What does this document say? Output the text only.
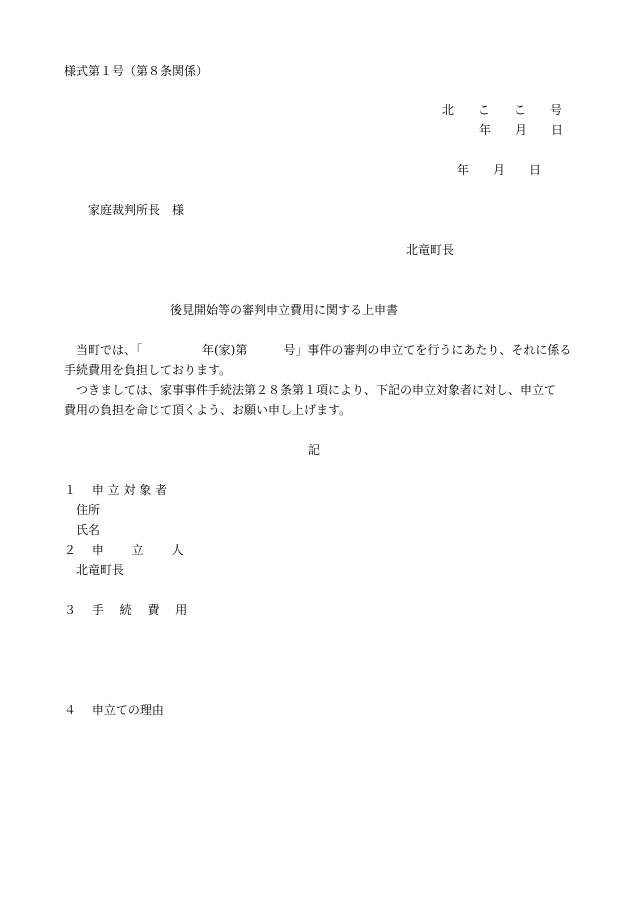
様式第１号（第８条関係）
北　　こ　　こ　　号
年　　月　　日
年　　月　　日
家庭裁判所長　様
北竜町長
後見開始等の審判申立費用に関する上申書
当町では、「　　　　　年(家)第　　　号」事件の審判の申立てを行うにあたり、それに係る
手続費用を負担しております。
つきましては、家事事件手続法第２８条第１項により、下記の申立対象者に対し、申立て
費用の負担を命じて頂くよう、お願い申し上げます。
記
１　 申 立 対 象 者
住所
氏名
２　 申　　 立　　 人
北竜町長
３　 手　 続　 費　 用
４　 申立ての理由
